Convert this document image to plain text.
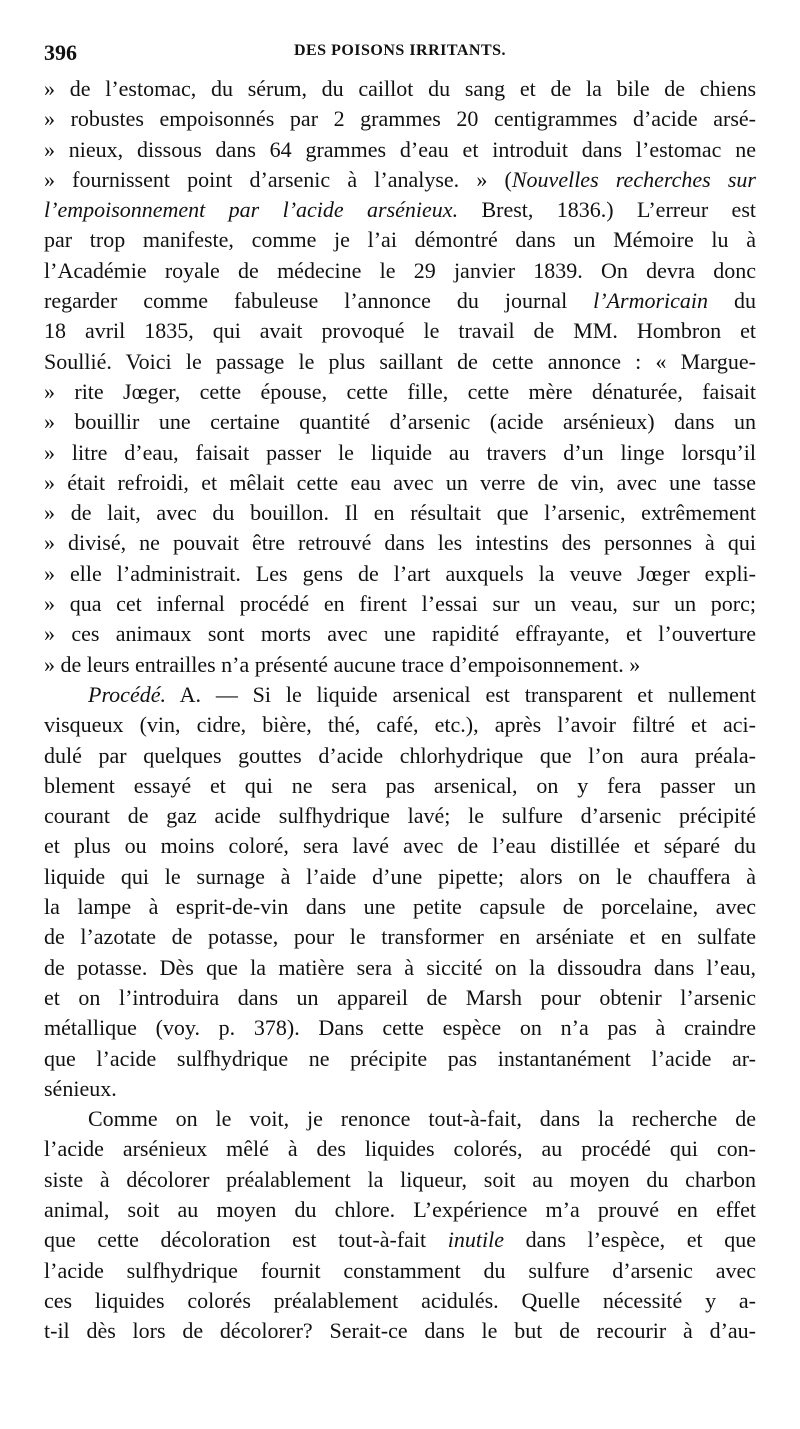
396	DES POISONS IRRITANTS.
» de l’estomac, du sérum, du caillot du sang et de la bile de chiens
» robustes empoisonnés par 2 grammes 20 centigrammes d’acide arsé-
» nieux, dissous dans 64 grammes d’eau et introduit dans l’estomac ne
» fournissent point d’arsenic à l’analyse. » (Nouvelles recherches sur
l’empoisonnement par l’acide arsénieux. Brest, 1836.) L’erreur est
par trop manifeste, comme je l’ai démontré dans un Mémoire lu à
l’Académie royale de médecine le 29 janvier 1839. On devra donc
regarder comme fabuleuse l’annonce du journal l’Armoricain du
18 avril 1835, qui avait provoqué le travail de MM. Hombron et
Soullié. Voici le passage le plus saillant de cette annonce : « Margue-
» rite Jœger, cette épouse, cette fille, cette mère dénaturée, faisait
» bouillir une certaine quantité d’arsenic (acide arsénieux) dans un
» litre d’eau, faisait passer le liquide au travers d’un linge lorsqu’il
» était refroidi, et mêlait cette eau avec un verre de vin, avec une tasse
» de lait, avec du bouillon. Il en résultait que l’arsenic, extrêmement
» divisé, ne pouvait être retrouvé dans les intestins des personnes à qui
» elle l’administrait. Les gens de l’art auxquels la veuve Jœger expli-
» qua cet infernal procédé en firent l’essai sur un veau, sur un porc;
» ces animaux sont morts avec une rapidité effrayante, et l’ouverture
» de leurs entrailles n’a présenté aucune trace d’empoisonnement. »
Procédé. A. — Si le liquide arsenical est transparent et nullement
visqueux (vin, cidre, bière, thé, café, etc.), après l’avoir filtré et aci-
dulé par quelques gouttes d’acide chlorhydrique que l’on aura préala-
blement essayé et qui ne sera pas arsenical, on y fera passer un
courant de gaz acide sulfhydrique lavé; le sulfure d’arsenic précipité
et plus ou moins coloré, sera lavé avec de l’eau distillée et séparé du
liquide qui le surnage à l’aide d’une pipette; alors on le chauffera à
la lampe à esprit-de-vin dans une petite capsule de porcelaine, avec
de l’azotate de potasse, pour le transformer en arséniate et en sulfate
de potasse. Dès que la matière sera à siccité on la dissoudra dans l’eau,
et on l’introduira dans un appareil de Marsh pour obtenir l’arsenic
métallique (voy. p. 378). Dans cette espèce on n’a pas à craindre
que l’acide sulfhydrique ne précipite pas instantanément l’acide ar-
sénieux.
Comme on le voit, je renonce tout-à-fait, dans la recherche de
l’acide arsénieux mêlé à des liquides colorés, au procédé qui con-
siste à décolorer préalablement la liqueur, soit au moyen du charbon
animal, soit au moyen du chlore. L’expérience m’a prouvé en effet
que cette décoloration est tout-à-fait inutile dans l’espèce, et que
l’acide sulfhydrique fournit constamment du sulfure d’arsenic avec
ces liquides colorés préalablement acidulés. Quelle nécessité y a-
t-il dès lors de décolorer? Serait-ce dans le but de recourir à d’au-
